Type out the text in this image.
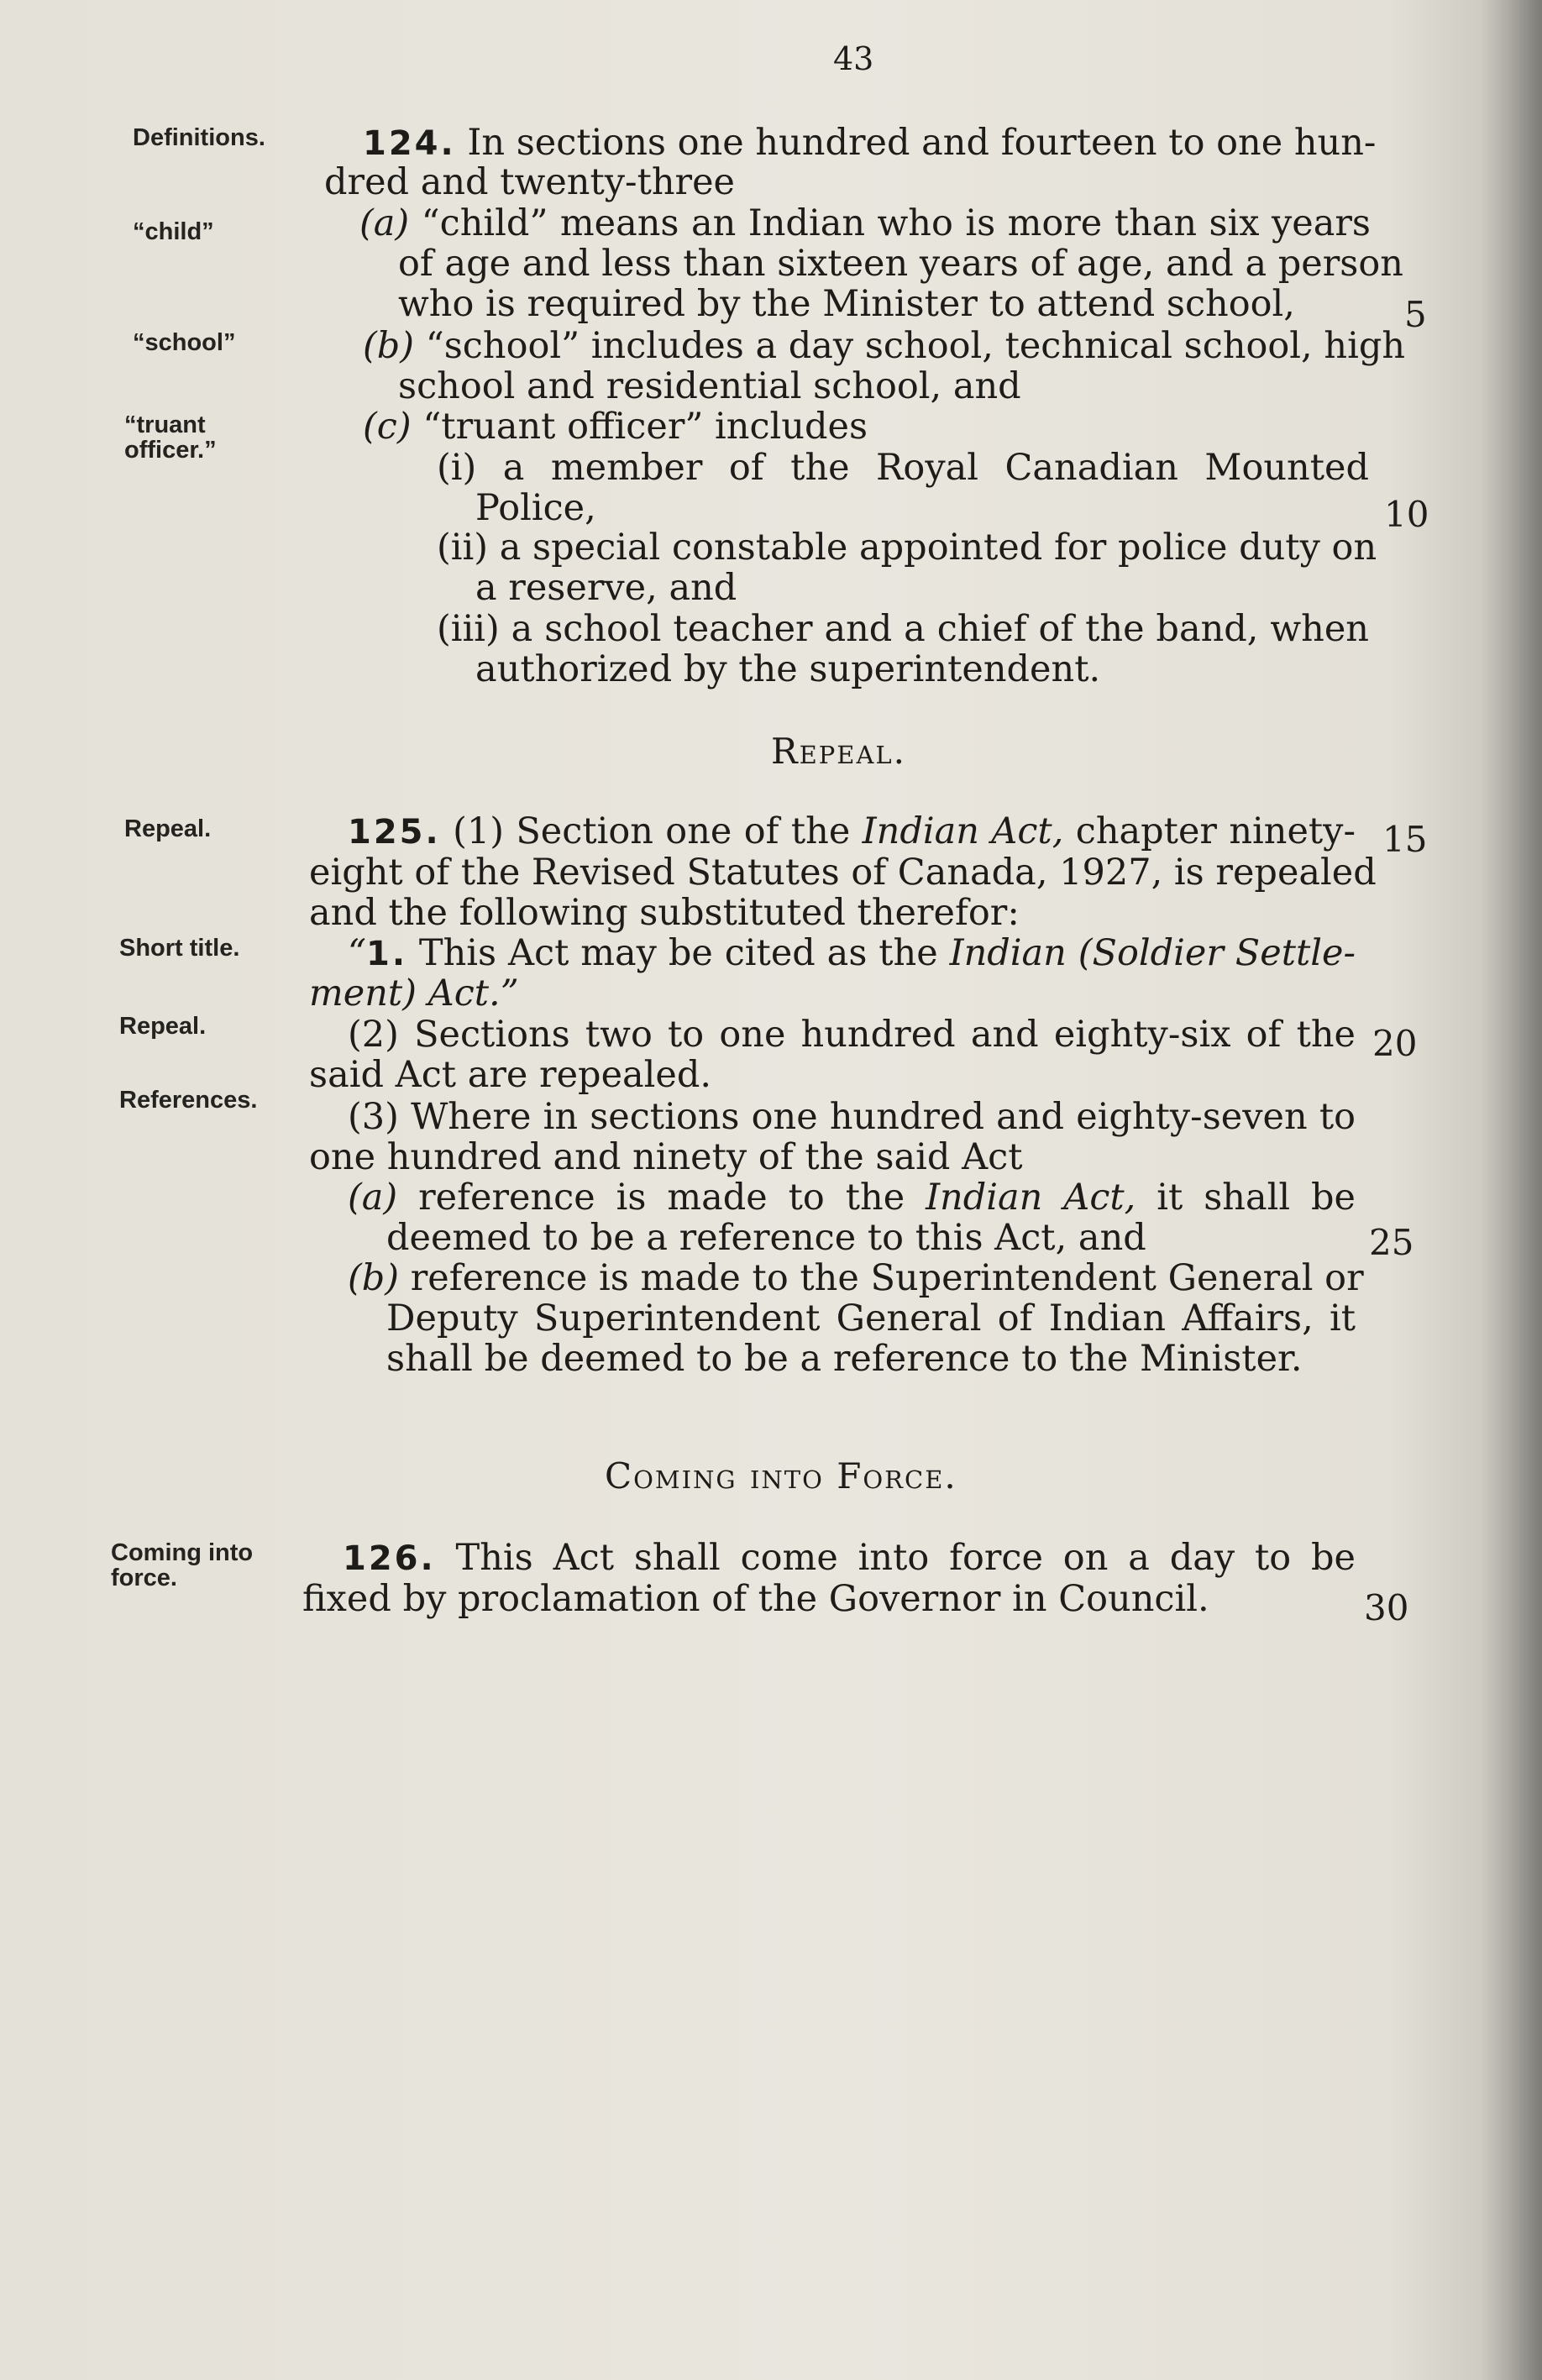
43
Definitions.
“child”
“school”
“truant
officer.”
Repeal.
Short title.
Repeal.
References.
Coming into
force.
124. In sections one hundred and fourteen to one hun-
dred and twenty-three
(a) “child” means an Indian who is more than six years
of age and less than sixteen years of age, and a person
who is required by the Minister to attend school,
(b) “school” includes a day school, technical school, high
school and residential school, and
(c) “truant officer” includes
(i) a member of the Royal Canadian Mounted
Police,
(ii) a special constable appointed for police duty on
a reserve, and
(iii) a school teacher and a chief of the band, when
authorized by the superintendent.
Repeal.
125. (1) Section one of the Indian Act, chapter ninety-
eight of the Revised Statutes of Canada, 1927, is repealed
and the following substituted therefor:
“1. This Act may be cited as the Indian (Soldier Settle-
ment) Act.”
(2) Sections two to one hundred and eighty-six of the
said Act are repealed.
(3) Where in sections one hundred and eighty-seven to
one hundred and ninety of the said Act
(a) reference is made to the Indian Act, it shall be
deemed to be a reference to this Act, and
(b) reference is made to the Superintendent General or
Deputy Superintendent General of Indian Affairs, it
shall be deemed to be a reference to the Minister.
Coming into Force.
126. This Act shall come into force on a day to be
fixed by proclamation of the Governor in Council.
5
10
15
20
25
30
